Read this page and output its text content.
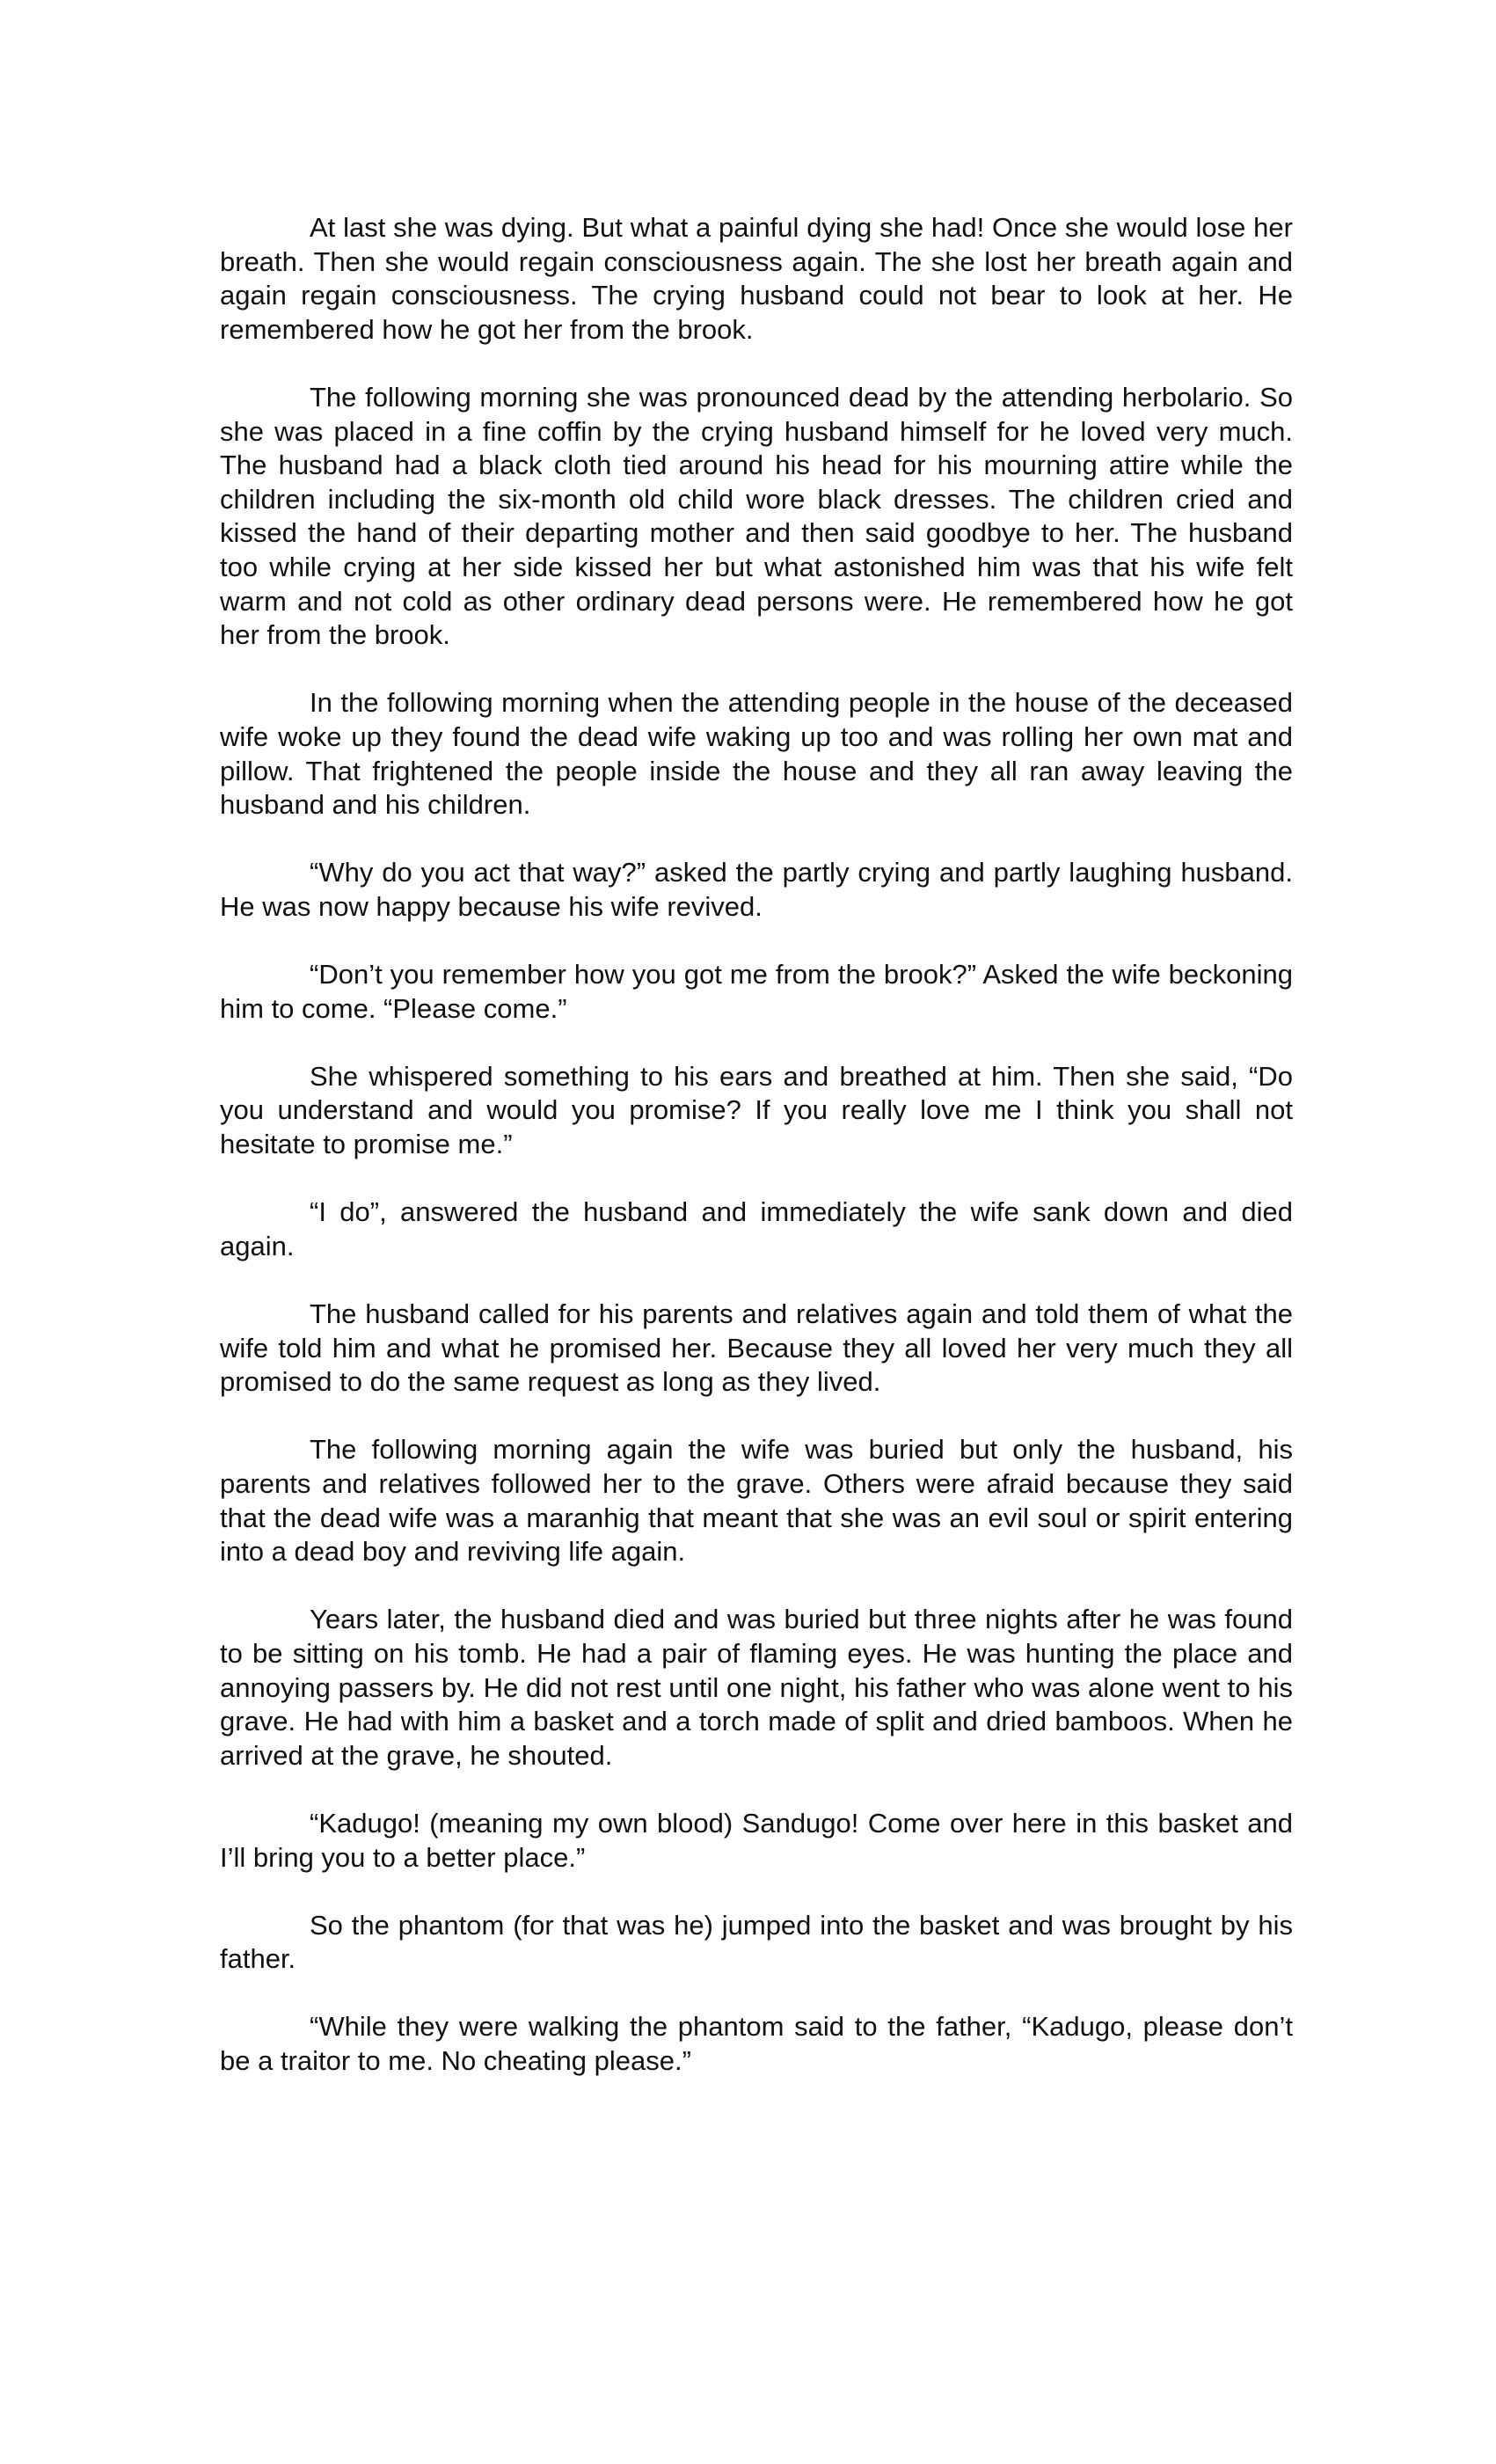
At last she was dying. But what a painful dying she had! Once she would lose her breath. Then she would regain consciousness again. The she lost her breath again and again regain consciousness. The crying husband could not bear to look at her. He remembered how he got her from the brook.

The following morning she was pronounced dead by the attending herbolario. So she was placed in a fine coffin by the crying husband himself for he loved very much. The husband had a black cloth tied around his head for his mourning attire while the children including the six-month old child wore black dresses. The children cried and kissed the hand of their departing mother and then said goodbye to her. The husband too while crying at her side kissed her but what astonished him was that his wife felt warm and not cold as other ordinary dead persons were. He remembered how he got her from the brook.

In the following morning when the attending people in the house of the deceased wife woke up they found the dead wife waking up too and was rolling her own mat and pillow. That frightened the people inside the house and they all ran away leaving the husband and his children.

“Why do you act that way?” asked the partly crying and partly laughing husband. He was now happy because his wife revived.

“Don’t you remember how you got me from the brook?” Asked the wife beckoning him to come. “Please come.”

She whispered something to his ears and breathed at him. Then she said, “Do you understand and would you promise? If you really love me I think you shall not hesitate to promise me.”

“I do”, answered the husband and immediately the wife sank down and died again.

The husband called for his parents and relatives again and told them of what the wife told him and what he promised her. Because they all loved her very much they all promised to do the same request as long as they lived.

The following morning again the wife was buried but only the husband, his parents and relatives followed her to the grave. Others were afraid because they said that the dead wife was a maranhig that meant that she was an evil soul or spirit entering into a dead boy and reviving life again.

Years later, the husband died and was buried but three nights after he was found to be sitting on his tomb. He had a pair of flaming eyes. He was hunting the place and annoying passers by. He did not rest until one night, his father who was alone went to his grave. He had with him a basket and a torch made of split and dried bamboos. When he arrived at the grave, he shouted.

“Kadugo! (meaning my own blood) Sandugo! Come over here in this basket and I’ll bring you to a better place.”

So the phantom (for that was he) jumped into the basket and was brought by his father.

“While they were walking the phantom said to the father, “Kadugo, please don’t be a traitor to me. No cheating please.”
